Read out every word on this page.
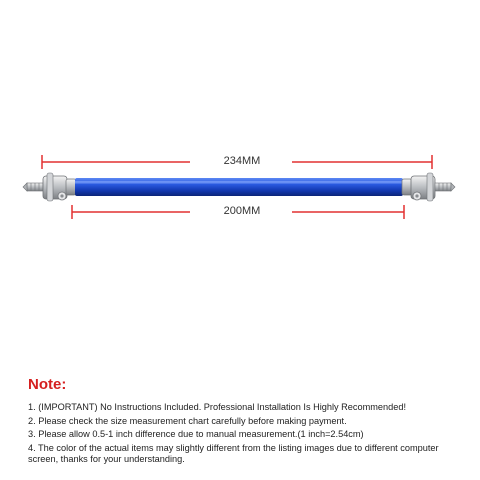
234MM
200MM
Note:

1. (IMPORTANT) No Instructions Included. Professional Installation Is Highly Recommended!

2. Please check the size measurement chart carefully before making payment.

3. Please allow 0.5-1 inch difference due to manual measurement.(1 inch=2.54cm)

4. The color of the actual items may slightly different from the listing images due to different computer screen, thanks for your understanding.
